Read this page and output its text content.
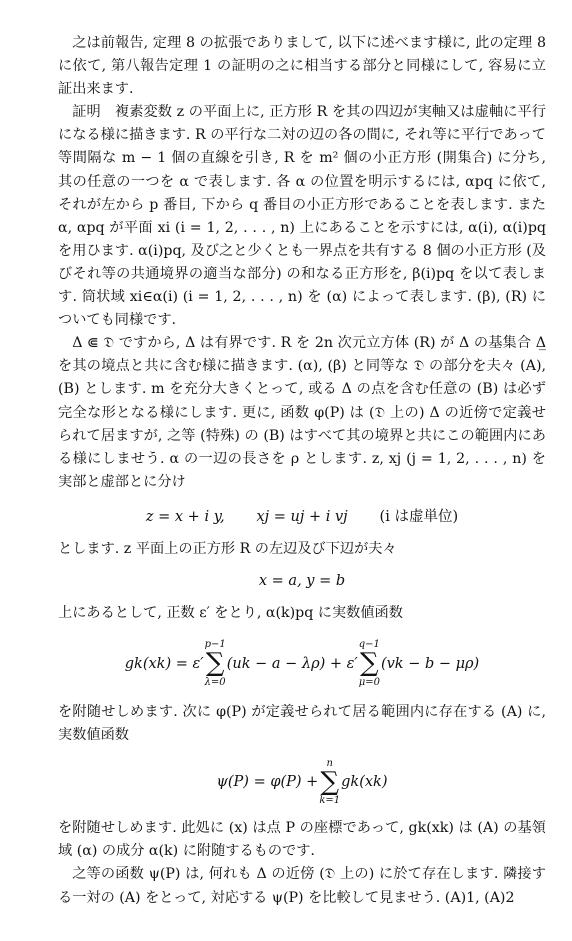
之は前報告, 定理 8 の拡張でありまして, 以下に述べます様に, 此の定理 8 に依て, 第八報告定理 1 の証明の之に相当する部分と同様にして, 容易に立証出来ます.

証明 複素変数 z の平面上に, 正方形 R を其の四辺が実軸又は虚軸に平行になる様に描きます. R の平行な二対の辺の各の間に, それ等に平行であって等間隔な m − 1 個の直線を引き, R を m² 個の小正方形 (開集合) に分ち, 其の任意の一つを α で表します. 各 α の位置を明示するには, αpq に依て, それが左から p 番目, 下から q 番目の小正方形であることを表します. また α, αpq が平面 xi (i = 1, 2, . . . , n) 上にあることを示すには, α(i), α(i)pq を用ひます. α(i)pq, 及び之と少くとも一界点を共有する 8 個の小正方形 (及びそれ等の共通境界の適当な部分) の和なる正方形を, β(i)pq を以て表します. 筒状域 xi∈α(i) (i = 1, 2, . . . , n) を (α) によって表します. (β), (R) についても同様です.

Δ ⋐ 𝔇 ですから, Δ は有界です. R を 2n 次元立方体 (R) が Δ の基集合 Δ̲ を其の境点と共に含む様に描きます. (α), (β) と同等な 𝔇 の部分を夫々 (A), (B) とします. m を充分大きくとって, 或る Δ の点を含む任意の (B) は必ず完全な形となる様にします. 更に, 函数 φ(P) は (𝔇 上の) Δ の近傍で定義せられて居ますが, 之等 (特殊) の (B) はすべて其の境界と共にこの範囲内にある様にしませう. α の一辺の長さを ρ とします. z, xj (j = 1, 2, . . . , n) を実部と虚部とに分け

z = x + i y, xj = uj + i vj (i は虚単位)

とします. z 平面上の正方形 R の左辺及び下辺が夫々

x = a, y = b

上にあるとして, 正数 ε′ をとり, α(k)pq に実数値函数

gk(xk) = ε′
p−1
∑
λ=0
(uk − a − λρ) + ε′
q−1
∑
μ=0
(vk − b − μρ)

を附随せしめます. 次に φ(P) が定義せられて居る範囲内に存在する (A) に, 実数値函数

ψ(P) = φ(P) +
n
∑
k=1
gk(xk)

を附随せしめます. 此処に (x) は点 P の座標であって, gk(xk) は (A) の基領域 (α) の成分 α(k) に附随するものです.

之等の函数 ψ(P) は, 何れも Δ の近傍 (𝔇 上の) に於て存在します. 隣接する一対の (A) をとって, 対応する ψ(P) を比較して見ませう. (A)1, (A)2
